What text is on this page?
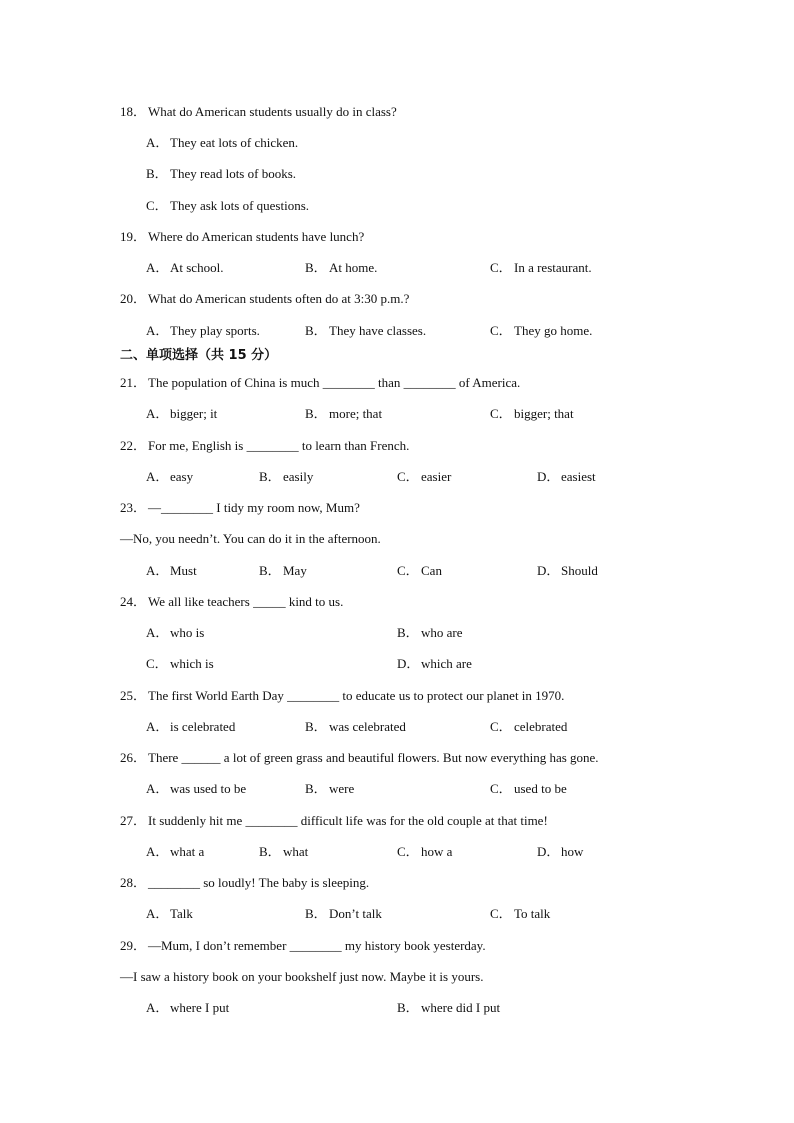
18． What do American students usually do in class?
A． They eat lots of chicken.
B． They read lots of books.
C． They ask lots of questions.
19． Where do American students have lunch?
A． At school.	B． At home.	C． In a restaurant.
20． What do American students often do at 3:30 p.m.?
A． They play sports.	B． They have classes.	C． They go home.
二、单项选择（共 15 分）
21． The population of China is much ________ than ________ of America.
A． bigger; it	B． more; that	C． bigger; that
22． For me, English is ________ to learn than French.
A． easy	B． easily	C． easier	D． easiest
23． —________ I tidy my room now, Mum?
—No, you needn’t. You can do it in the afternoon.
A． Must	B． May	C． Can	D． Should
24． We all like teachers _____ kind to us.
A． who is	B． who are
C． which is	D． which are
25． The first World Earth Day ________ to educate us to protect our planet in 1970.
A． is celebrated	B． was celebrated	C． celebrated
26． There ______ a lot of green grass and beautiful flowers. But now everything has gone.
A． was used to be	B． were	C． used to be
27． It suddenly hit me ________ difficult life was for the old couple at that time!
A． what a	B． what	C． how a	D． how
28． ________ so loudly! The baby is sleeping.
A． Talk	B． Don’t talk	C． To talk
29． —Mum, I don’t remember ________ my history book yesterday.
—I saw a history book on your bookshelf just now. Maybe it is yours.
A． where I put	B． where did I put
